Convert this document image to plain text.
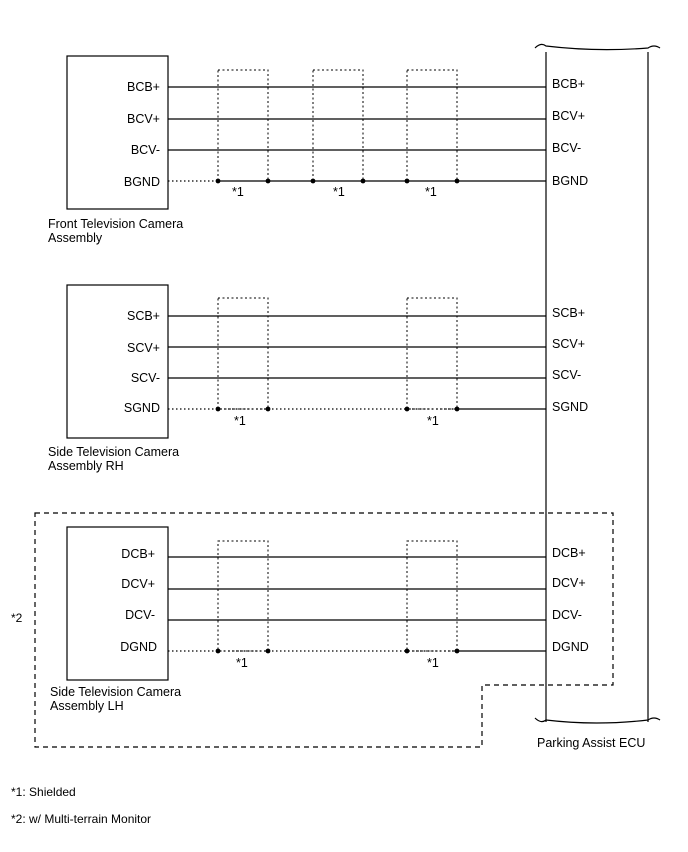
Parking Assist ECU
Front Television Camera
Assembly
BCB+
BCV+
BCV-
BGND
*1	*1	*1
BCB+
BCV+
BCV-
BGND
Side Television Camera
Assembly RH
SCB+
SCV+
SCV-
SGND
*1	*1
SCB+
SCV+
SCV-
SGND
*2
Side Television Camera
Assembly LH
DCB+
DCV+
DCV-
DGND
*1	*1
DCB+
DCV+
DCV-
DGND
*1: Shielded
*2: w/ Multi-terrain Monitor
